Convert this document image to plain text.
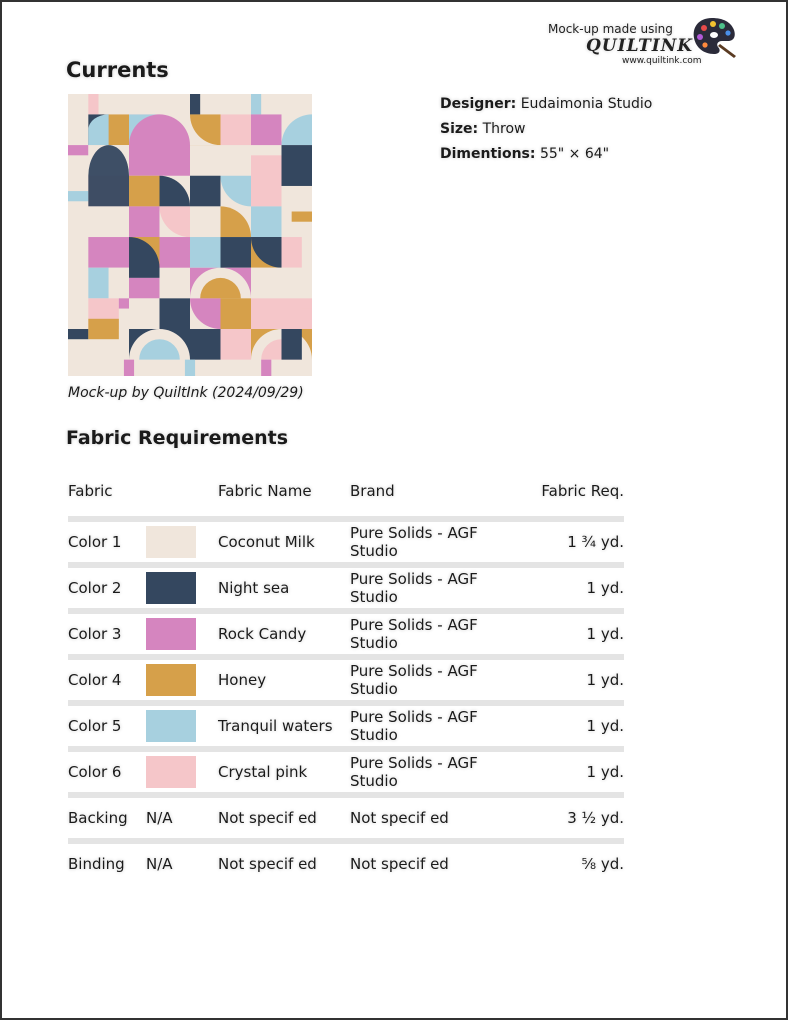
Mock-up made using
QUILTINK
www.quiltink.com
Currents
Mock-up by QuiltInk (2024/09/29)
Designer: Eudaimonia Studio
Size: Throw
Dimentions: 55" × 64"
Fabric Requirements
Fabric		Fabric Name	Brand	Fabric Req.

Color 1		Coconut Milk	Pure Solids - AGF Studio	1 ¾ yd.
Color 2		Night sea	Pure Solids - AGF Studio	1 yd.
Color 3		Rock Candy	Pure Solids - AGF Studio	1 yd.
Color 4		Honey	Pure Solids - AGF Studio	1 yd.
Color 5		Tranquil waters	Pure Solids - AGF Studio	1 yd.
Color 6		Crystal pink	Pure Solids - AGF Studio	1 yd.
Backing	N/A	Not specif ed	Not specif ed	3 ½ yd.
Binding	N/A	Not specif ed	Not specif ed	⅝ yd.
